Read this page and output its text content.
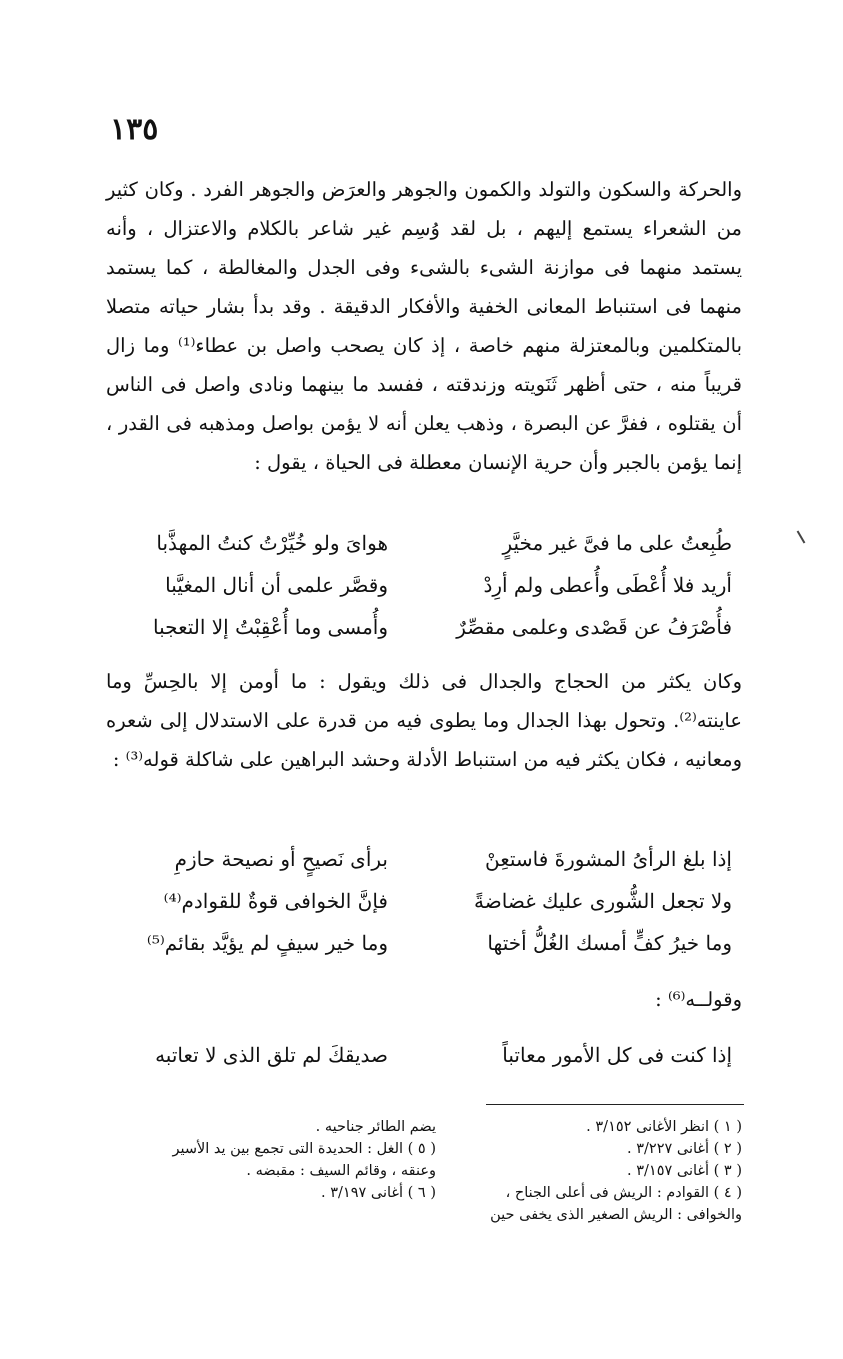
١٣٥

والحركة والسكون والتولد والكمون والجوهر والعرَض والجوهر الفرد . وكان كثير من الشعراء يستمع إليهم ، بل لقد وُسِم غير شاعر بالكلام والاعتزال ، وأنه يستمد منهما فى موازنة الشىء بالشىء وفى الجدل والمغالطة ، كما يستمد منهما فى استنباط المعانى الخفية والأفكار الدقيقة . وقد بدأ بشار حياته متصلا بالمتكلمين وبالمعتزلة منهم خاصة ، إذ كان يصحب واصل بن عطاء⁽¹⁾ وما زال قريباً منه ، حتى أظهر ثَنَويته وزندقته ، ففسد ما بينهما ونادى واصل فى الناس أن يقتلوه ، ففرَّ عن البصرة ، وذهب يعلن أنه لا يؤمن بواصل ومذهبه فى القدر ، إنما يؤمن بالجبر وأن حرية الإنسان معطلة فى الحياة ، يقول :

طُبِعتُ على ما فىَّ غير مخيَّرٍ
هواىَ ولو خُيِّرْتُ كنتُ المهذَّبا
أريد فلا أُعْطَى وأُعطى ولم أرِدْ
وقصَّر علمى أن أنال المغيَّبا
فأُصْرَفُ عن قَصْدى وعلمى مقصِّرٌ
وأُمسى وما أُعْقِبْتُ إلا التعجبا

وكان يكثر من الحجاج والجدال فى ذلك ويقول : ما أومن إلا بالحِسِّ وما عاينته⁽²⁾. وتحول بهذا الجدال وما يطوى فيه من قدرة على الاستدلال إلى شعره ومعانيه ، فكان يكثر فيه من استنباط الأدلة وحشد البراهين على شاكلة قوله⁽³⁾ :

إذا بلغ الرأىُ المشورةَ فاستعِنْ
برأى نَصيحٍ أو نصيحة حازمِ
ولا تجعل الشُّورى عليك غضاضةً
فإنَّ الخوافى قوةٌ للقوادم⁽⁴⁾
وما خيرُ كفٍّ أمسك الغُلُّ أختها
وما خير سيفٍ لم يؤيَّد بقائم⁽⁵⁾
وقولــه⁽⁶⁾ :
إذا كنت فى كل الأمور معاتباً
صديقكَ لم تلق الذى لا تعاتبه
( ١ ) انظر الأغانى ٣/١٥٢ .
( ٢ ) أغانى ٣/٢٢٧ .
( ٣ ) أغانى ٣/١٥٧ .
( ٤ ) القوادم : الريش فى أعلى الجناح ،
والخوافى : الريش الصغير الذى يخفى حين
يضم الطائر جناحيه .
( ٥ ) الغل : الحديدة التى تجمع بين يد الأسير
وعنقه ، وقائم السيف : مقبضه .
( ٦ ) أغانى ٣/١٩٧ .
